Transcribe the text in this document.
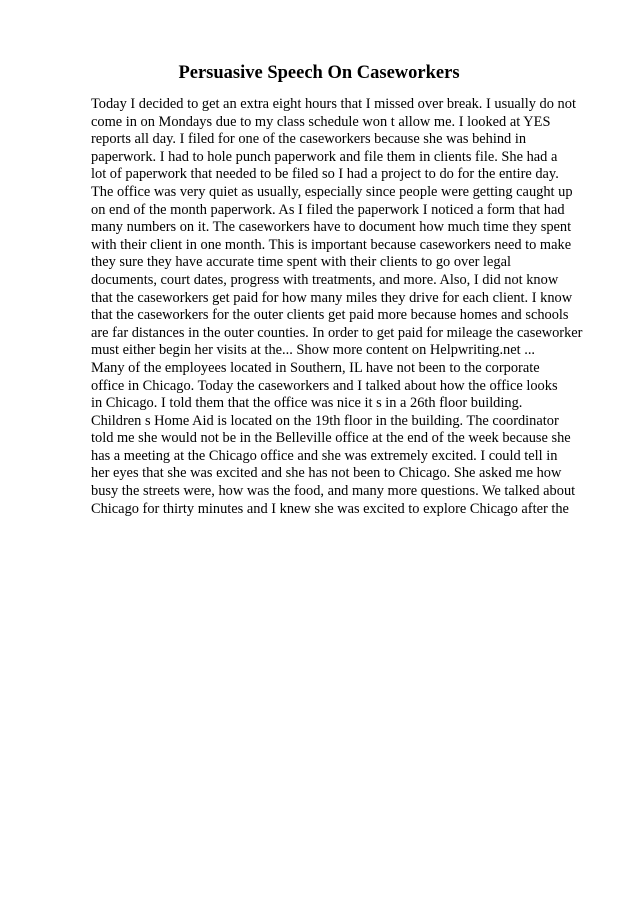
Persuasive Speech On Caseworkers
Today I decided to get an extra eight hours that I missed over break. I usually do not
come in on Mondays due to my class schedule won t allow me. I looked at YES
reports all day. I filed for one of the caseworkers because she was behind in
paperwork. I had to hole punch paperwork and file them in clients file. She had a
lot of paperwork that needed to be filed so I had a project to do for the entire day.
The office was very quiet as usually, especially since people were getting caught up
on end of the month paperwork. As I filed the paperwork I noticed a form that had
many numbers on it. The caseworkers have to document how much time they spent
with their client in one month. This is important because caseworkers need to make
they sure they have accurate time spent with their clients to go over legal
documents, court dates, progress with treatments, and more. Also, I did not know
that the caseworkers get paid for how many miles they drive for each client. I know
that the caseworkers for the outer clients get paid more because homes and schools
are far distances in the outer counties. In order to get paid for mileage the caseworker
must either begin her visits at the... Show more content on Helpwriting.net ...
Many of the employees located in Southern, IL have not been to the corporate
office in Chicago. Today the caseworkers and I talked about how the office looks
in Chicago. I told them that the office was nice it s in a 26th floor building.
Children s Home Aid is located on the 19th floor in the building. The coordinator
told me she would not be in the Belleville office at the end of the week because she
has a meeting at the Chicago office and she was extremely excited. I could tell in
her eyes that she was excited and she has not been to Chicago. She asked me how
busy the streets were, how was the food, and many more questions. We talked about
Chicago for thirty minutes and I knew she was excited to explore Chicago after the
